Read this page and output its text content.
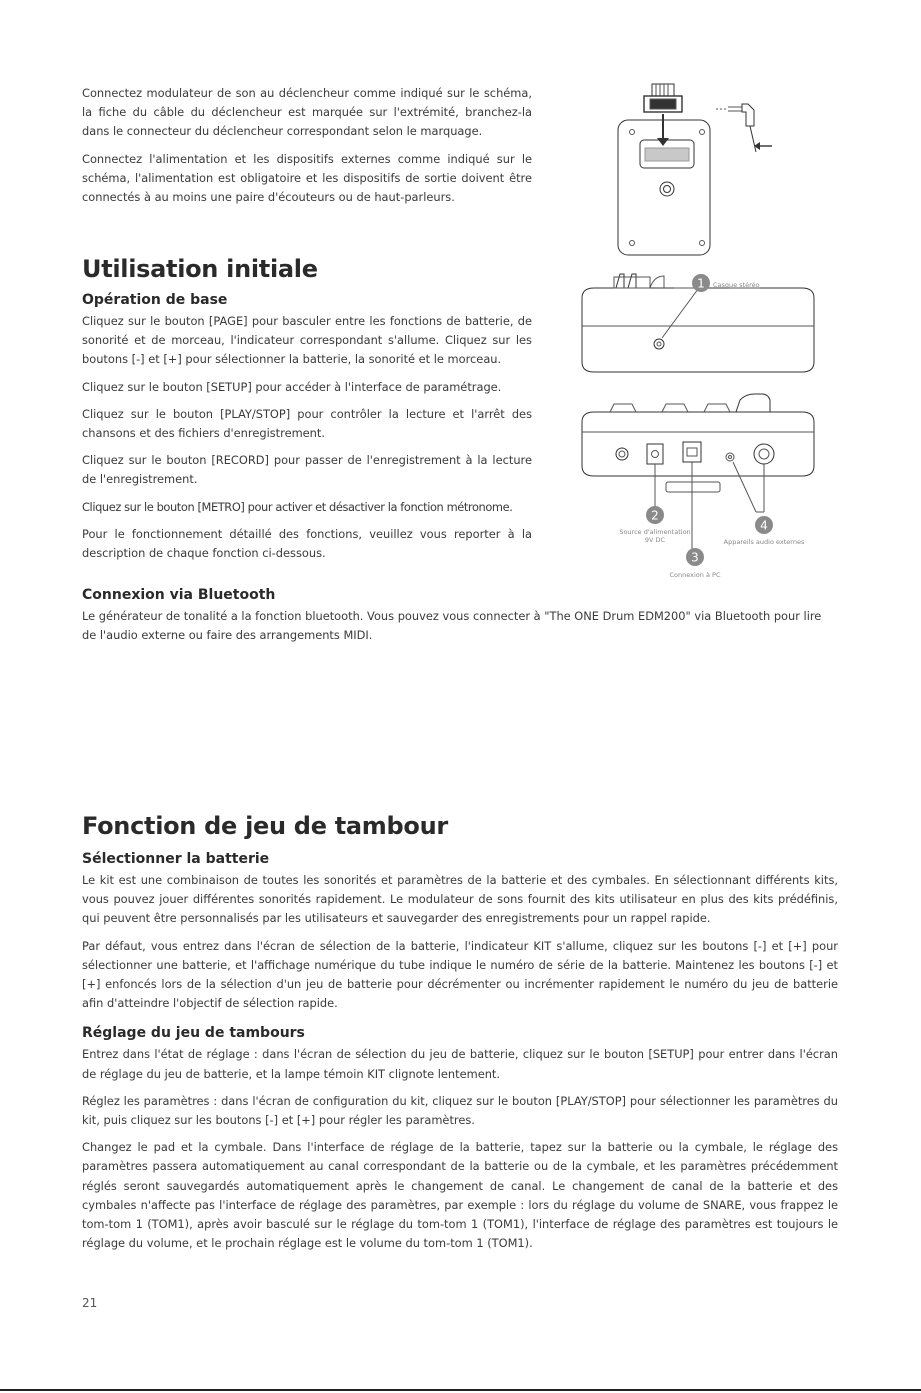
Connectez modulateur de son au déclencheur comme indiqué sur le schéma, la fiche du câble du déclencheur est marquée sur l'extrémité, branchez-la dans le connecteur du déclencheur correspondant selon le marquage.

Connectez l'alimentation et les dispositifs externes comme indiqué sur le schéma, l'alimentation est obligatoire et les dispositifs de sortie doivent être connectés à au moins une paire d'écouteurs ou de haut-parleurs.

Utilisation initiale
Opération de base

Cliquez sur le bouton [PAGE] pour basculer entre les fonctions de batterie, de sonorité et de morceau, l'indicateur correspondant s'allume. Cliquez sur les boutons [-] et [+] pour sélectionner la batterie, la sonorité et le morceau.

Cliquez sur le bouton [SETUP] pour accéder à l'interface de paramétrage.

Cliquez sur le bouton [PLAY/STOP] pour contrôler la lecture et l'arrêt des chansons et des fichiers d'enregistrement.

Cliquez sur le bouton [RECORD] pour passer de l'enregistrement à la lecture de l'enregistrement.

Cliquez sur le bouton [METRO] pour activer et désactiver la fonction métronome.

Pour le fonctionnement détaillé des fonctions, veuillez vous reporter à la description de chaque fonction ci-dessous.

Connexion via Bluetooth

Le générateur de tonalité a la fonction bluetooth. Vous pouvez vous connecter à "The ONE Drum EDM200" via Bluetooth pour lire de l'audio externe ou faire des arrangements MIDI.

1 Casque stéréo
2
Source d'alimentation
9V DC
3
Connexion à PC
4
Appareils audio externes
Fonction de jeu de tambour
Sélectionner la batterie

Le kit est une combinaison de toutes les sonorités et paramètres de la batterie et des cymbales. En sélectionnant différents kits, vous pouvez jouer différentes sonorités rapidement. Le modulateur de sons fournit des kits utilisateur en plus des kits prédéfinis, qui peuvent être personnalisés par les utilisateurs et sauvegarder des enregistrements pour un rappel rapide.

Par défaut, vous entrez dans l'écran de sélection de la batterie, l'indicateur KIT s'allume, cliquez sur les boutons [-] et [+] pour sélectionner une batterie, et l'affichage numérique du tube indique le numéro de série de la batterie. Maintenez les boutons [-] et [+] enfoncés lors de la sélection d'un jeu de batterie pour décrémenter ou incrémenter rapidement le numéro du jeu de batterie afin d'atteindre l'objectif de sélection rapide.

Réglage du jeu de tambours

Entrez dans l'état de réglage : dans l'écran de sélection du jeu de batterie, cliquez sur le bouton [SETUP] pour entrer dans l'écran de réglage du jeu de batterie, et la lampe témoin KIT clignote lentement.

Réglez les paramètres : dans l'écran de configuration du kit, cliquez sur le bouton [PLAY/STOP] pour sélectionner les paramètres du kit, puis cliquez sur les boutons [-] et [+] pour régler les paramètres.

Changez le pad et la cymbale. Dans l'interface de réglage de la batterie, tapez sur la batterie ou la cymbale, le réglage des paramètres passera automatiquement au canal correspondant de la batterie ou de la cymbale, et les paramètres précédemment réglés seront sauvegardés automatiquement après le changement de canal. Le changement de canal de la batterie et des cymbales n'affecte pas l'interface de réglage des paramètres, par exemple : lors du réglage du volume de SNARE, vous frappez le tom-tom 1 (TOM1), après avoir basculé sur le réglage du tom-tom 1 (TOM1), l'interface de réglage des paramètres est toujours le réglage du volume, et le prochain réglage est le volume du tom-tom 1 (TOM1).

21
